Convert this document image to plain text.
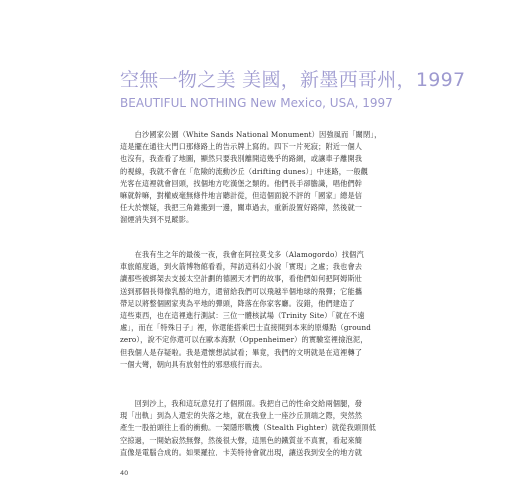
空無一物之美 美國，新墨西哥州，1997
BEAUTIFUL NOTHING New Mexico, USA, 1997
　　白沙國家公園（White Sands National Monument）因強風而「關閉」，
這是擺在通往大門口那條路上的告示牌上寫的。四下一片死寂；附近一個人
也沒有，我查看了地圖，顯然只要我別離開這幾乎的路網，或讓車子離開我
的視線，我就不會在「危險的流動沙丘（drifting dunes）」中迷路，一般觀
光客在這裡就會回頭，找個地方吃漢堡之類的。他們長手卻膽識，唱他們幹
嘛就幹嘛，對權威毫無條件地言聽計從，但這個面貌不評的「國家」總是信
任大於懷疑，我把三角錐搬到一邊，關車過去，重新設置好路障，然後就一
溜煙消失到不見蹤影。
　　在我有生之年的最後一夜，我會在阿拉莫戈多（Alamogordo）找個汽
車旅館度過，到火箭博物館看看，拜訪這科幻小說「實現」之處；我也會去
讀那些被綁架去支援太空計劃的德國天才們的故事，看他們如何把阿姆斯壯
送到那個長得像乳酪的地方，還留給我們可以飛越半個地球的飛彈；它能攜
帶足以將整個國家夷為平地的彈頭，降落在你家客廳。沒錯，他們建造了
這些東西，也在這裡進行測試：三位一體核試場（Trinity Site）「就在不遠
處」，而在「特殊日子」裡，你還能搭乘巴士直接開到本來的原爆點（ground
zero），說不定你還可以在歐本海默（Oppenheimer）的實驗室裡撿泡泥，
但我個人是存疑啦。我是還懷想試試看；畢竟，我們的文明就是在這裡轉了
一個大彎，朝向具有放射性的邪惡痕行而去。
　　回到沙上，我和這玩意兒打了個照面。我把自己的性命交給兩個腿，發
現「出軌」到為人還宏的失落之地，就在我登上一座沙丘頂端之際，突然然
產生一股拍頭往上看的衝動。一架隱形戰機（Stealth Fighter）就從我頭頂低
空掠過，一開始寂然無聲，然後很大聲，這黑色的鐵質並不真實，看起來簡
直像是電腦合成的。如果羅拉．卡芙特待會就出現，讓送我到安全的地方就
40
